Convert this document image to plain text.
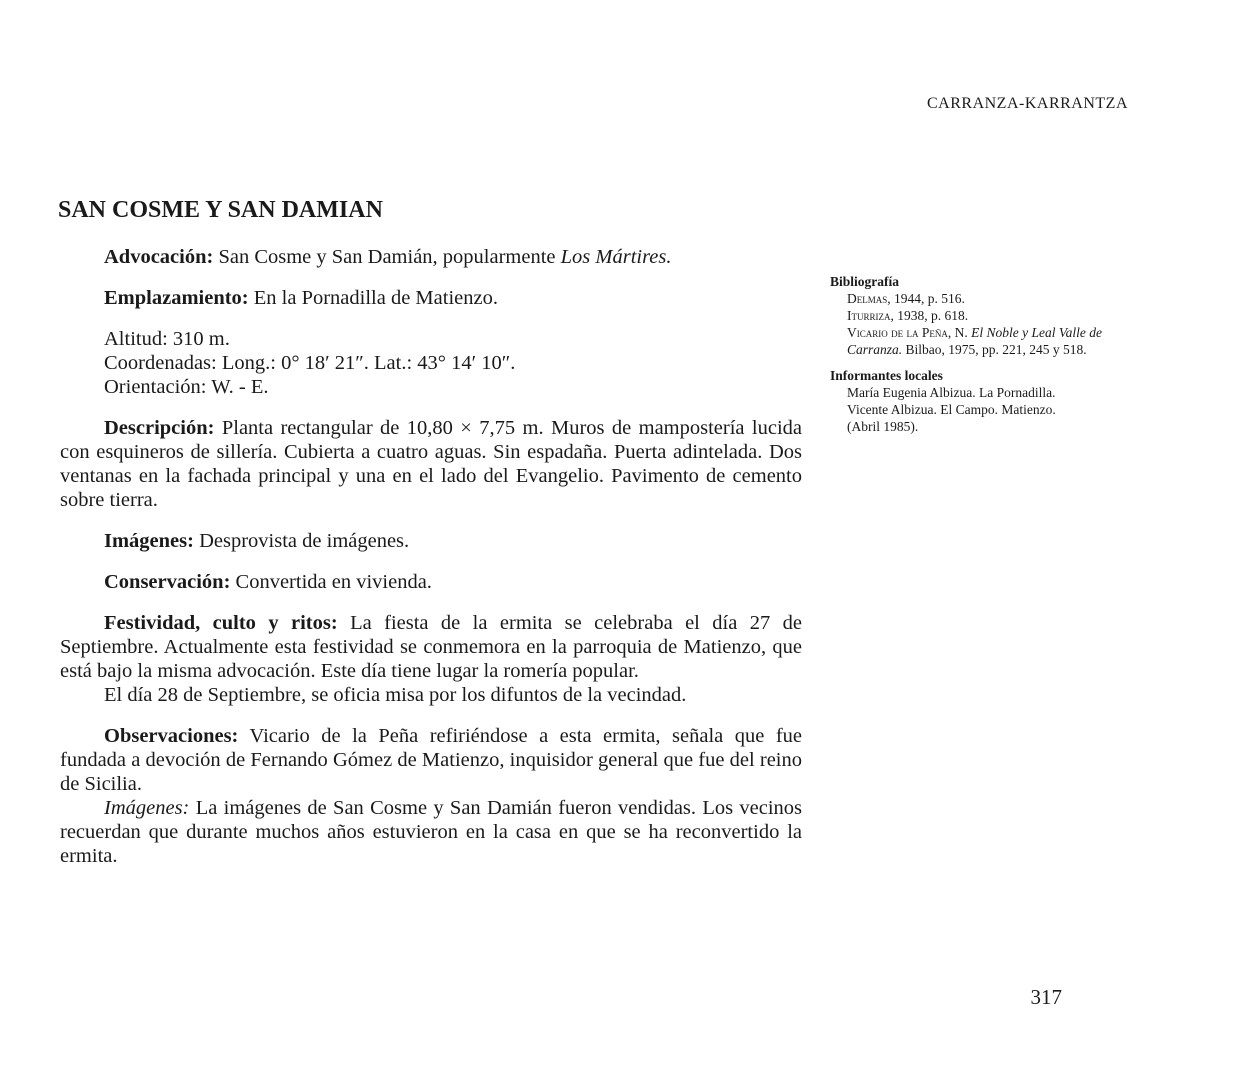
CARRANZA-KARRANTZA
SAN COSME Y SAN DAMIAN

Advocación: San Cosme y San Damián, popularmente Los Mártires.

Emplazamiento: En la Pornadilla de Matienzo.

Altitud: 310 m.

Coordenadas: Long.: 0° 18′ 21″. Lat.: 43° 14′ 10″.

Orientación: W. - E.

Descripción: Planta rectangular de 10,80 × 7,75 m. Muros de mampostería lucida con esquineros de sillería. Cubierta a cuatro aguas. Sin espadaña. Puerta adintelada. Dos ventanas en la fachada principal y una en el lado del Evangelio. Pavimento de cemento sobre tierra.

Imágenes: Desprovista de imágenes.

Conservación: Convertida en vivienda.

Festividad, culto y ritos: La fiesta de la ermita se celebraba el día 27 de Septiembre. Actualmente esta festividad se conmemora en la parroquia de Matienzo, que está bajo la misma advocación. Este día tiene lugar la romería popular.

El día 28 de Septiembre, se oficia misa por los difuntos de la vecindad.

Observaciones: Vicario de la Peña refiriéndose a esta ermita, señala que fue fundada a devoción de Fernando Gómez de Matienzo, inquisidor general que fue del reino de Sicilia.

Imágenes: La imágenes de San Cosme y San Damián fueron vendidas. Los vecinos recuerdan que durante muchos años estuvieron en la casa en que se ha reconvertido la ermita.

Bibliografía

Delmas, 1944, p. 516.

Iturriza, 1938, p. 618.

Vicario de la Peña, N. El Noble y Leal Valle de Carranza. Bilbao, 1975, pp. 221, 245 y 518.

Informantes locales

María Eugenia Albizua. La Pornadilla.

Vicente Albizua. El Campo. Matienzo.

(Abril 1985).

317
